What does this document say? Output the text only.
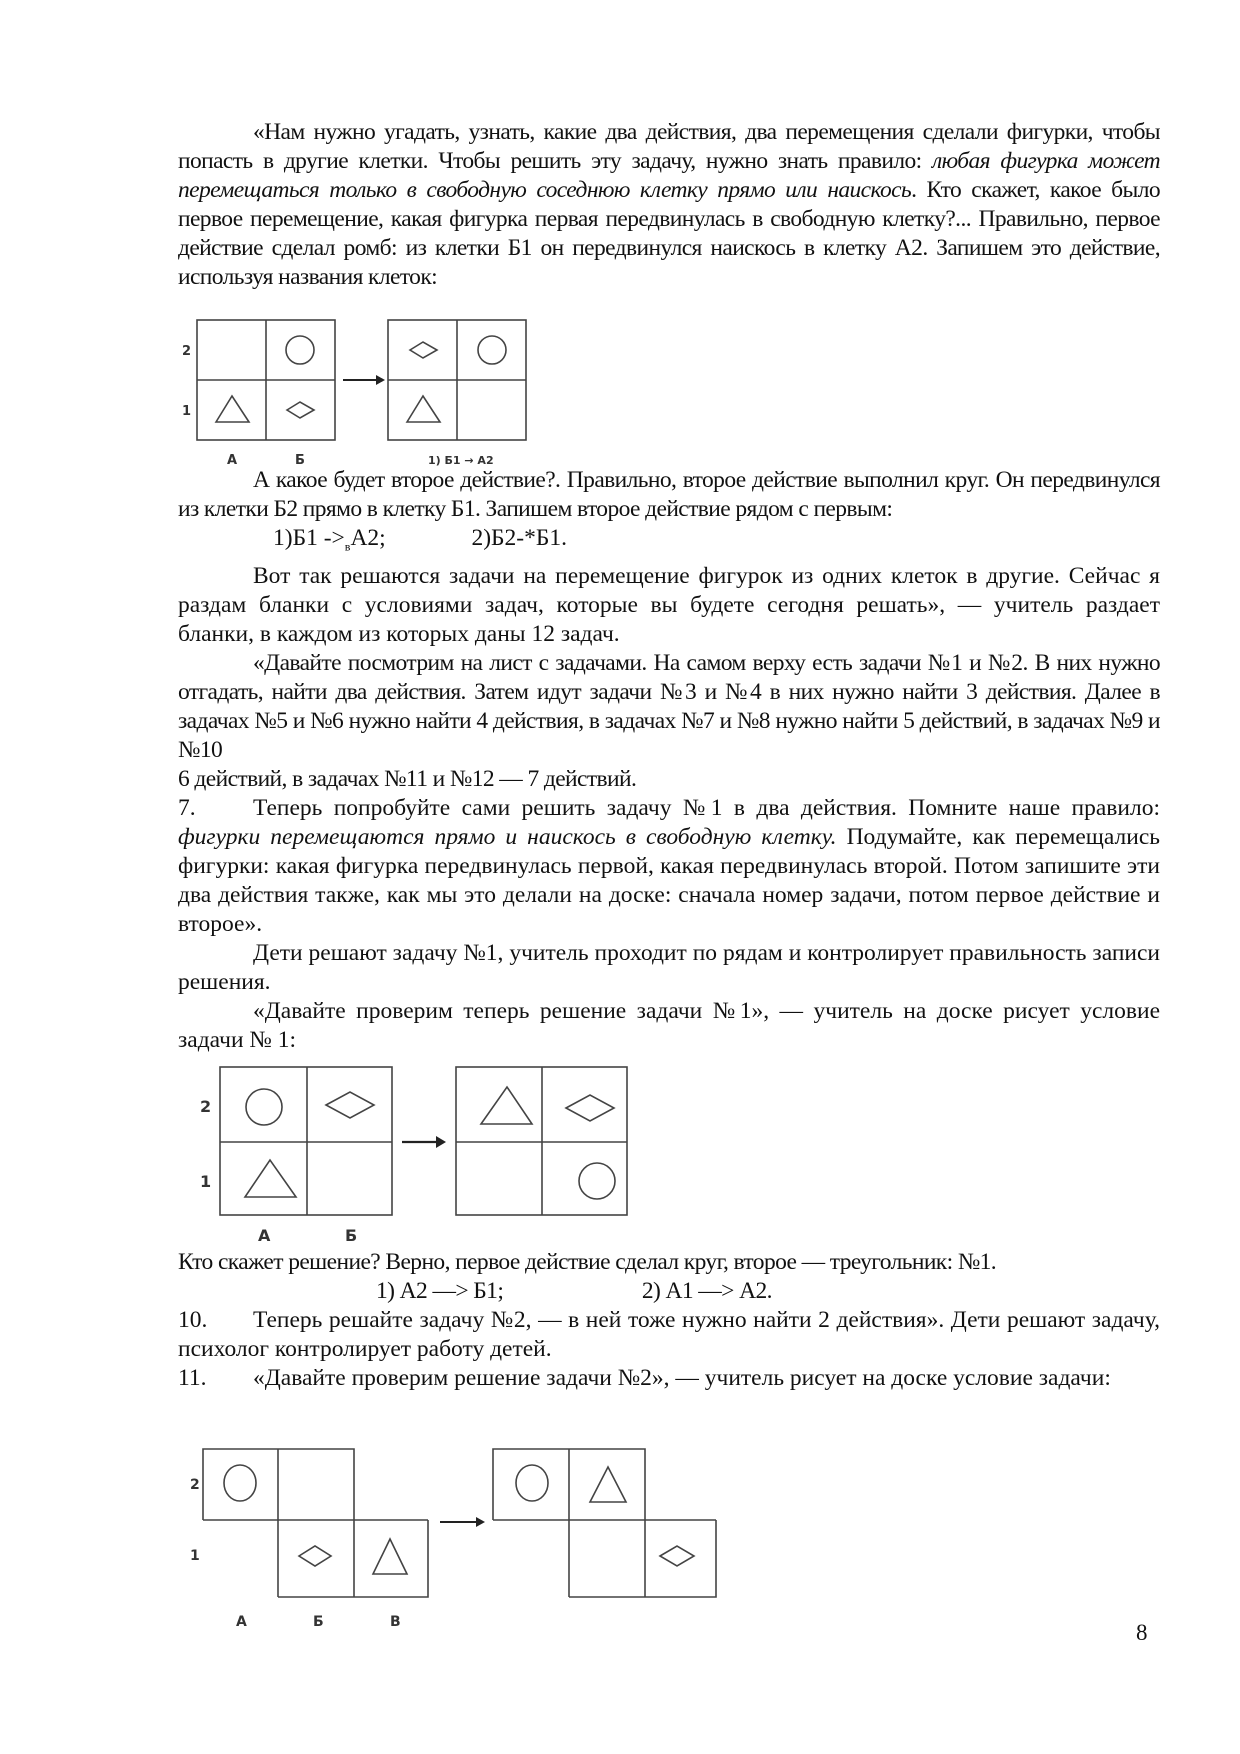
«Нам нужно угадать, узнать, какие два действия, два перемещения сделали фигурки, чтобы попасть в другие клетки. Чтобы решить эту задачу, нужно знать правило: любая фигурка может перемещаться только в свободную соседнюю клетку прямо или наискось. Кто скажет, какое было первое перемещение, какая фигурка первая передвинулась в свободную клетку?... Правильно, первое действие сделал ромб: из клетки Б1 он передвинулся наискось в клетку А2. Запишем это действие, используя названия клеток:

2
1
А	Б	1) Б1 → А2

А какое будет второе действие?. Правильно, второе действие выполнил круг. Он передвинулся из клетки Б2 прямо в клетку Б1. Запишем второе действие рядом с первым:

1)Б1 $->_вА2$;	2)Б2-*Б1.

Вот так решаются задачи на перемещение фигурок из одних клеток в другие. Сейчас я раздам бланки с условиями задач, которые вы будете сегодня решать», — учитель раздает бланки, в каждом из которых даны 12 задач.

«Давайте посмотрим на лист с задачами. На самом верху есть задачи №1 и №2. В них нужно отгадать, найти два действия. Затем идут задачи №3 и №4 в них нужно найти 3 действия. Далее в задачах №5 и №6 нужно найти 4 действия, в задачах №7 и №8 нужно найти 5 действий, в задачах №9 и №10

6 действий, в задачах №11 и №12 — 7 действий.

7. Теперь попробуйте сами решить задачу №1 в два действия. Помните наше правило: фигурки перемещаются прямо и наискось в свободную клетку. Подумайте, как перемещались фигурки: какая фигурка передвинулась первой, какая передвинулась второй. Потом запишите эти два действия также, как мы это делали на доске: сначала номер задачи, потом первое действие и второе».

Дети решают задачу №1, учитель проходит по рядам и контролирует правильность записи решения.

«Давайте проверим теперь решение задачи №1», — учитель на доске рисует условие задачи № 1:

2
1
А	Б

Кто скажет решение? Верно, первое действие сделал круг, второе — треугольник: №1.

1) А2 —> Б1;	2) А1 —> А2.

10. Теперь решайте задачу №2, — в ней тоже нужно найти 2 действия». Дети решают задачу, психолог контролирует работу детей.

11. «Давайте проверим решение задачи №2», — учитель рисует на доске условие задачи:

2
1
А	Б	В	8
